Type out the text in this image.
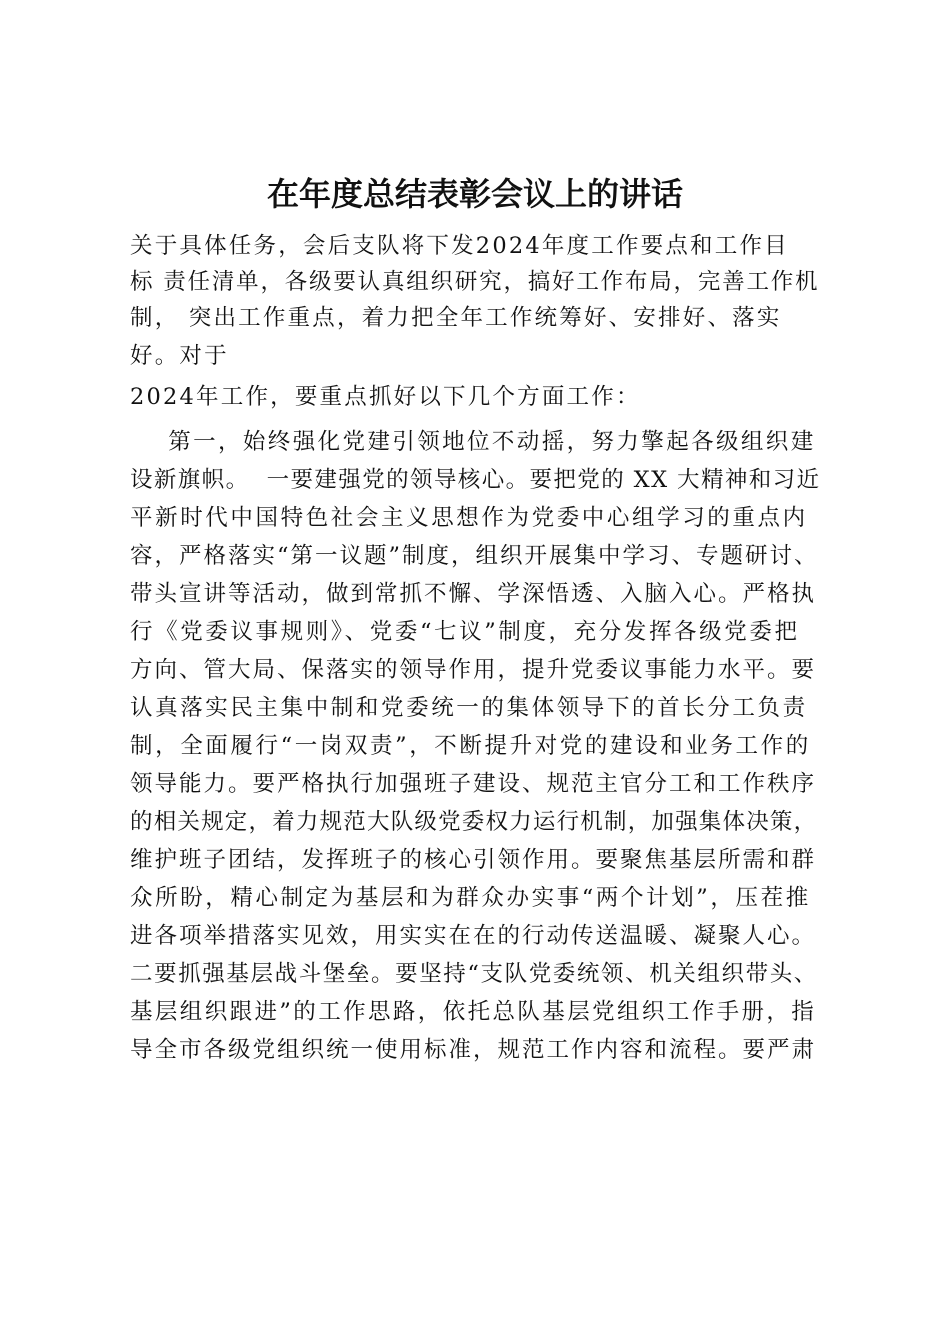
在年度总结表彰会议上的讲话
关于具体任务，会后支队将下发2024年度工作要点和工作目
标 责任清单，各级要认真组织研究，搞好工作布局，完善工作机
制， 突出工作重点，着力把全年工作统筹好、安排好、落实
好。对于
2024年工作，要重点抓好以下几个方面工作：
第一，始终强化党建引领地位不动摇，努力擎起各级组织建
设新旗帜。  一要建强党的领导核心。要把党的 XX 大精神和习近
平新时代中国特色社会主义思想作为党委中心组学习的重点内
容，严格落实“第一议题”制度，组织开展集中学习、专题研讨、
带头宣讲等活动，做到常抓不懈、学深悟透、入脑入心。严格执
行《党委议事规则》、党委“七议”制度，充分发挥各级党委把
方向、管大局、保落实的领导作用，提升党委议事能力水平。要
认真落实民主集中制和党委统一的集体领导下的首长分工负责
制，全面履行“一岗双责”，不断提升对党的建设和业务工作的
领导能力。要严格执行加强班子建设、规范主官分工和工作秩序
的相关规定，着力规范大队级党委权力运行机制，加强集体决策，
维护班子团结，发挥班子的核心引领作用。要聚焦基层所需和群
众所盼，精心制定为基层和为群众办实事“两个计划”，压茬推
进各项举措落实见效，用实实在在的行动传送温暖、凝聚人心。
二要抓强基层战斗堡垒。要坚持“支队党委统领、机关组织带头、
基层组织跟进”的工作思路，依托总队基层党组织工作手册，指
导全市各级党组织统一使用标准，规范工作内容和流程。要严肃
